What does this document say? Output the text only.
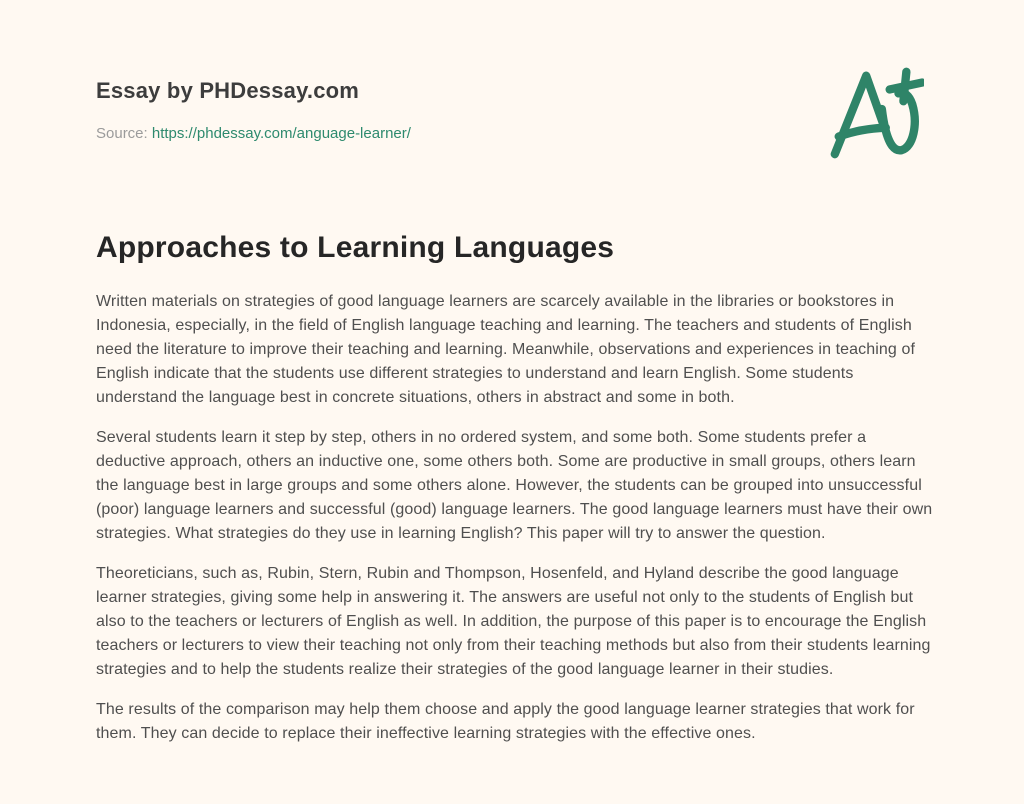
Essay by PHDessay.com

Source: https://phdessay.com/anguage-learner/

Approaches to Learning Languages

Written materials on strategies of good language learners are scarcely available in the libraries or bookstores in Indonesia, especially, in the field of English language teaching and learning. The teachers and students of English need the literature to improve their teaching and learning. Meanwhile, observations and experiences in teaching of English indicate that the students use different strategies to understand and learn English. Some students understand the language best in concrete situations, others in abstract and some in both.

Several students learn it step by step, others in no ordered system, and some both. Some students prefer a deductive approach, others an inductive one, some others both. Some are productive in small groups, others learn the language best in large groups and some others alone. However, the students can be grouped into unsuccessful (poor) language learners and successful (good) language learners. The good language learners must have their own strategies. What strategies do they use in learning English? This paper will try to answer the question.

Theoreticians, such as, Rubin, Stern, Rubin and Thompson, Hosenfeld, and Hyland describe the good language learner strategies, giving some help in answering it. The answers are useful not only to the students of English but also to the teachers or lecturers of English as well. In addition, the purpose of this paper is to encourage the English teachers or lecturers to view their teaching not only from their teaching methods but also from their students learning strategies and to help the students realize their strategies of the good language learner in their studies.

The results of the comparison may help them choose and apply the good language learner strategies that work for them. They can decide to replace their ineffective learning strategies with the effective ones.
